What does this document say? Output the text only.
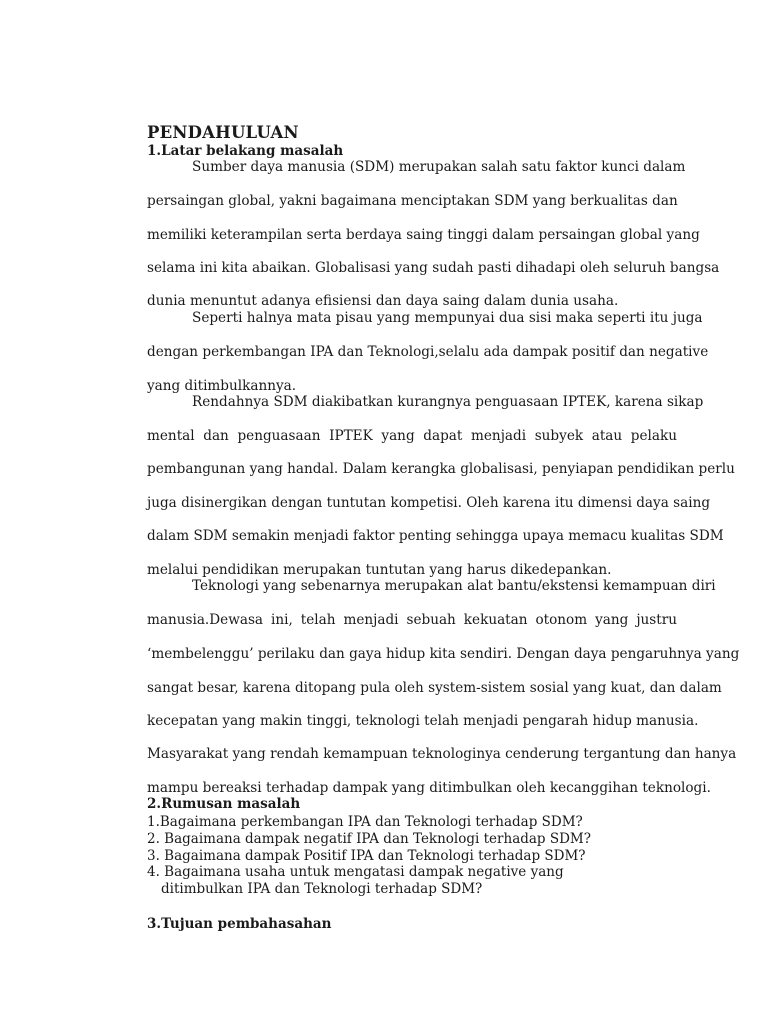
PENDAHULUAN
1.Latar belakang masalah
Sumber daya manusia (SDM) merupakan salah satu faktor kunci dalam
persaingan global, yakni bagaimana menciptakan SDM yang berkualitas dan
memiliki keterampilan serta berdaya saing tinggi dalam persaingan global yang
selama ini kita abaikan. Globalisasi yang sudah pasti dihadapi oleh seluruh bangsa
dunia menuntut adanya efisiensi dan daya saing dalam dunia usaha.
Seperti halnya mata pisau yang mempunyai dua sisi maka seperti itu juga
dengan perkembangan IPA dan Teknologi,selalu ada dampak positif dan negative
yang ditimbulkannya.
Rendahnya SDM diakibatkan kurangnya penguasaan IPTEK, karena sikap
mental dan penguasaan IPTEK yang dapat menjadi subyek atau pelaku
pembangunan yang handal. Dalam kerangka globalisasi, penyiapan pendidikan perlu
juga disinergikan dengan tuntutan kompetisi. Oleh karena itu dimensi daya saing
dalam SDM semakin menjadi faktor penting sehingga upaya memacu kualitas SDM
melalui pendidikan merupakan tuntutan yang harus dikedepankan.
Teknologi yang sebenarnya merupakan alat bantu/ekstensi kemampuan diri
manusia.Dewasa ini, telah menjadi sebuah kekuatan otonom yang justru
‘membelenggu’ perilaku dan gaya hidup kita sendiri. Dengan daya pengaruhnya yang
sangat besar, karena ditopang pula oleh system-sistem sosial yang kuat, dan dalam
kecepatan yang makin tinggi, teknologi telah menjadi pengarah hidup manusia.
Masyarakat yang rendah kemampuan teknologinya cenderung tergantung dan hanya
mampu bereaksi terhadap dampak yang ditimbulkan oleh kecanggihan teknologi.
2.Rumusan masalah
1.Bagaimana perkembangan IPA dan Teknologi terhadap SDM?
2. Bagaimana dampak negatif IPA dan Teknologi terhadap SDM?
3. Bagaimana dampak Positif IPA dan Teknologi terhadap SDM?
4. Bagaimana usaha untuk mengatasi dampak negative yang
ditimbulkan IPA dan Teknologi terhadap SDM?
3.Tujuan pembahasahan
